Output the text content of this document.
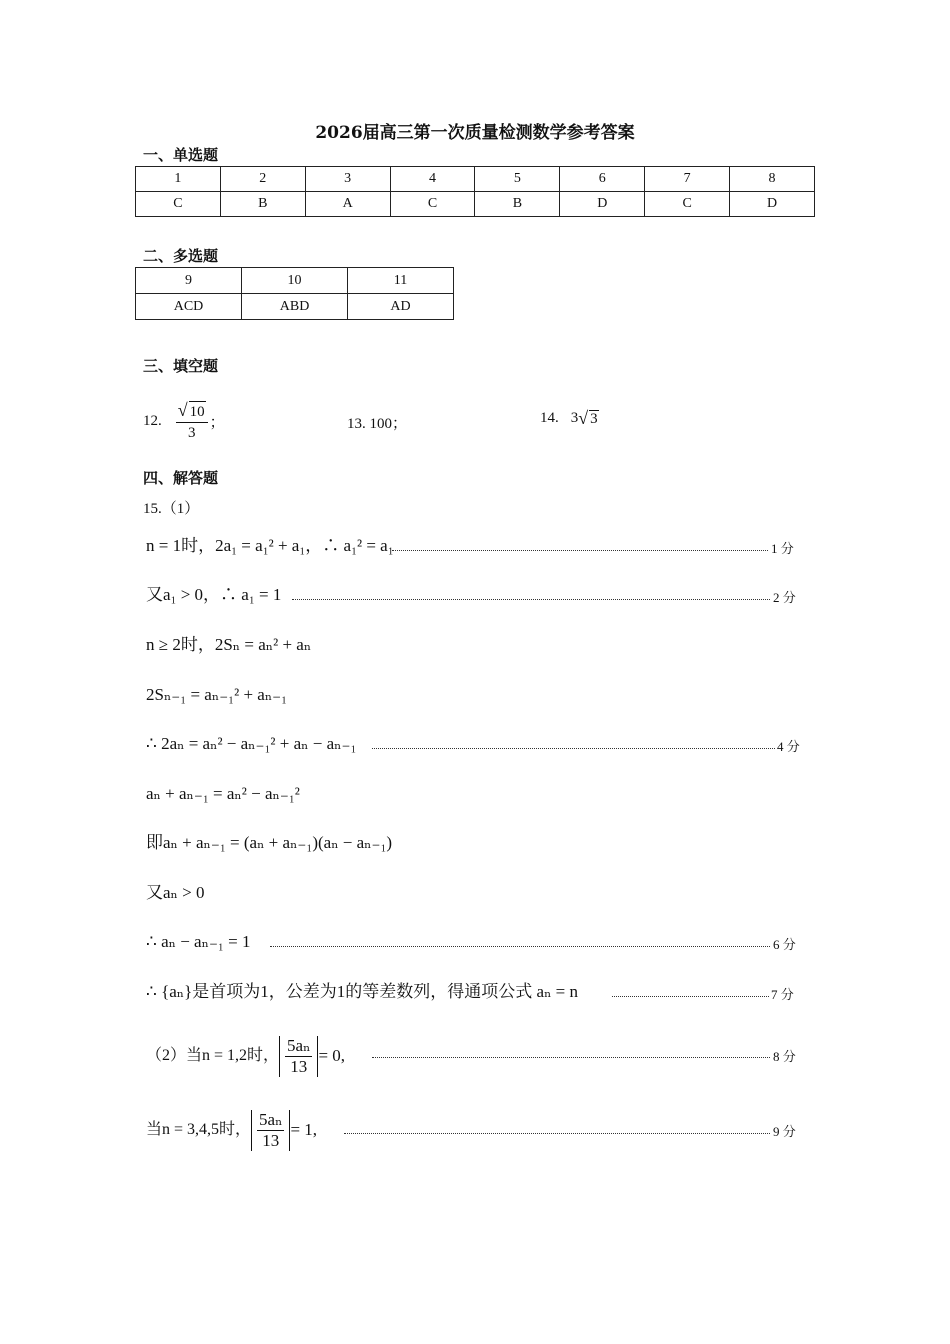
2026届高三第一次质量检测数学参考答案
一、单选题
1	2	3	4	5	6	7	8
C	B	A	C	B	D	C	D
二、多选题
9	10	11
ACD	ABD	AD
三、填空题
12. $\frac{√ 10}{3}$ ；	13. 100；	14. 3 √ 3
四、解答题
15.（1）
n = 1时，2a₁ = a₁² + a₁，∴ a₁² = a₁	1 分
又a₁ > 0，∴ a₁ = 1	2 分
n ≥ 2时，2Sₙ = aₙ² + aₙ
2Sₙ₋₁ = aₙ₋₁² + aₙ₋₁
∴ 2aₙ = aₙ² − aₙ₋₁² + aₙ − aₙ₋₁	4 分
aₙ + aₙ₋₁ = aₙ² − aₙ₋₁²
即aₙ + aₙ₋₁ = (aₙ + aₙ₋₁)(aₙ − aₙ₋₁)
又aₙ > 0
∴ aₙ − aₙ₋₁ = 1	6 分
∴ {aₙ}是首项为1，公差为1的等差数列，得通项公式 aₙ = n	7 分
（2）当n = 1,2时， $\frac{\text{5aₙ}}{13} = 0$,	8 分
当n = 3,4,5时， $\frac{\text{5aₙ}}{13} = 1$,	9 分
